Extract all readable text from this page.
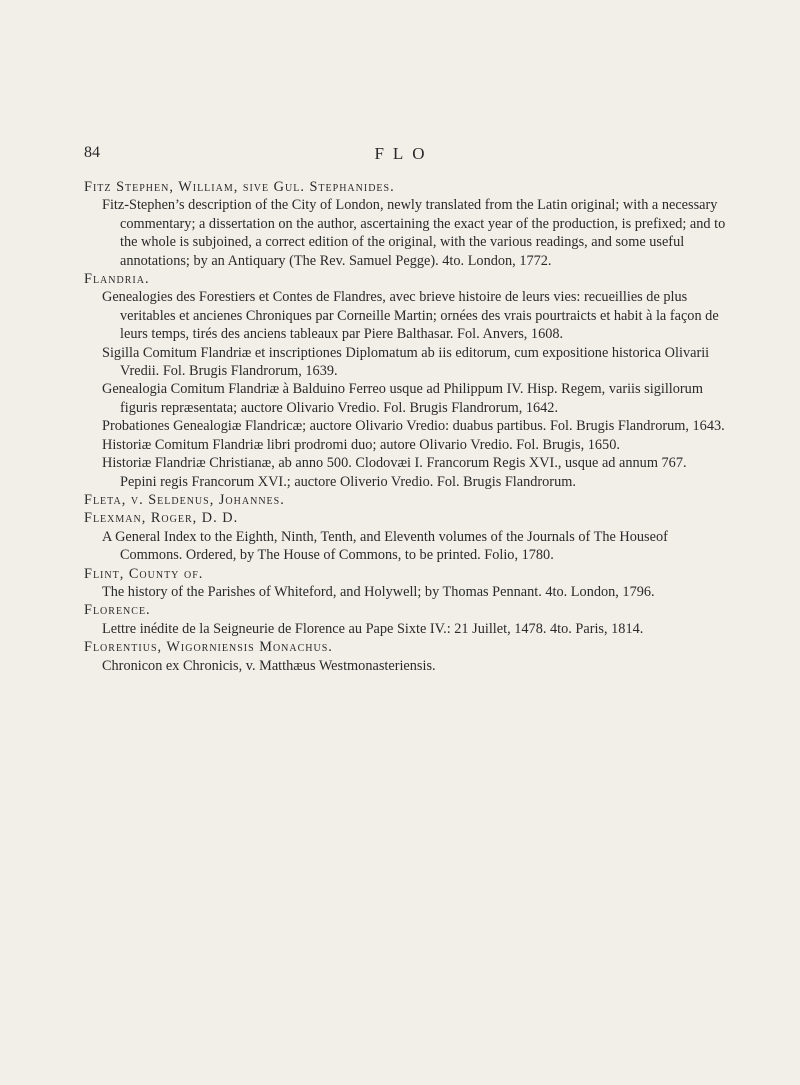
84	FLO
Fitz Stephen, William, sive Gul. Stephanides.
Fitz-Stephen’s description of the City of London, newly translated from the Latin original; with a necessary commentary; a dissertation on the author, ascertaining the exact year of the production, is prefixed; and to the whole is subjoined, a correct edition of the original, with the various readings, and some useful annotations; by an Antiquary (The Rev. Samuel Pegge). 4to. London, 1772.
Flandria.
Genealogies des Forestiers et Contes de Flandres, avec brieve histoire de leurs vies: recueillies de plus veritables et ancienes Chroniques par Corneille Martin; ornées des vrais pourtraicts et habit à la façon de leurs temps, tirés des anciens tableaux par Piere Balthasar. Fol. Anvers, 1608.
Sigilla Comitum Flandriæ et inscriptiones Diplomatum ab iis editorum, cum expositione historica Olivarii Vredii. Fol. Brugis Flandrorum, 1639.
Genealogia Comitum Flandriæ à Balduino Ferreo usque ad Philippum IV. Hisp. Regem, variis sigillorum figuris repræsentata; auctore Olivario Vredio. Fol. Brugis Flandrorum, 1642.
Probationes Genealogiæ Flandricæ; auctore Olivario Vredio: duabus partibus. Fol. Brugis Flandrorum, 1643.
Historiæ Comitum Flandriæ libri prodromi duo; autore Olivario Vredio. Fol. Brugis, 1650.
Historiæ Flandriæ Christianæ, ab anno 500. Clodovæi I. Francorum Regis XVI., usque ad annum 767. Pepini regis Francorum XVI.; auctore Oliverio Vredio. Fol. Brugis Flandrorum.
Fleta, v. Seldenus, Johannes.
Flexman, Roger, D. D.
A General Index to the Eighth, Ninth, Tenth, and Eleventh volumes of the Journals of The Houseof Commons. Ordered, by The House of Commons, to be printed. Folio, 1780.
Flint, County of.
The history of the Parishes of Whiteford, and Holywell; by Thomas Pennant. 4to. London, 1796.
Florence.
Lettre inédite de la Seigneurie de Florence au Pape Sixte IV.: 21 Juillet, 1478. 4to. Paris, 1814.
Florentius, Wigorniensis Monachus.
Chronicon ex Chronicis, v. Matthæus Westmonasteriensis.
